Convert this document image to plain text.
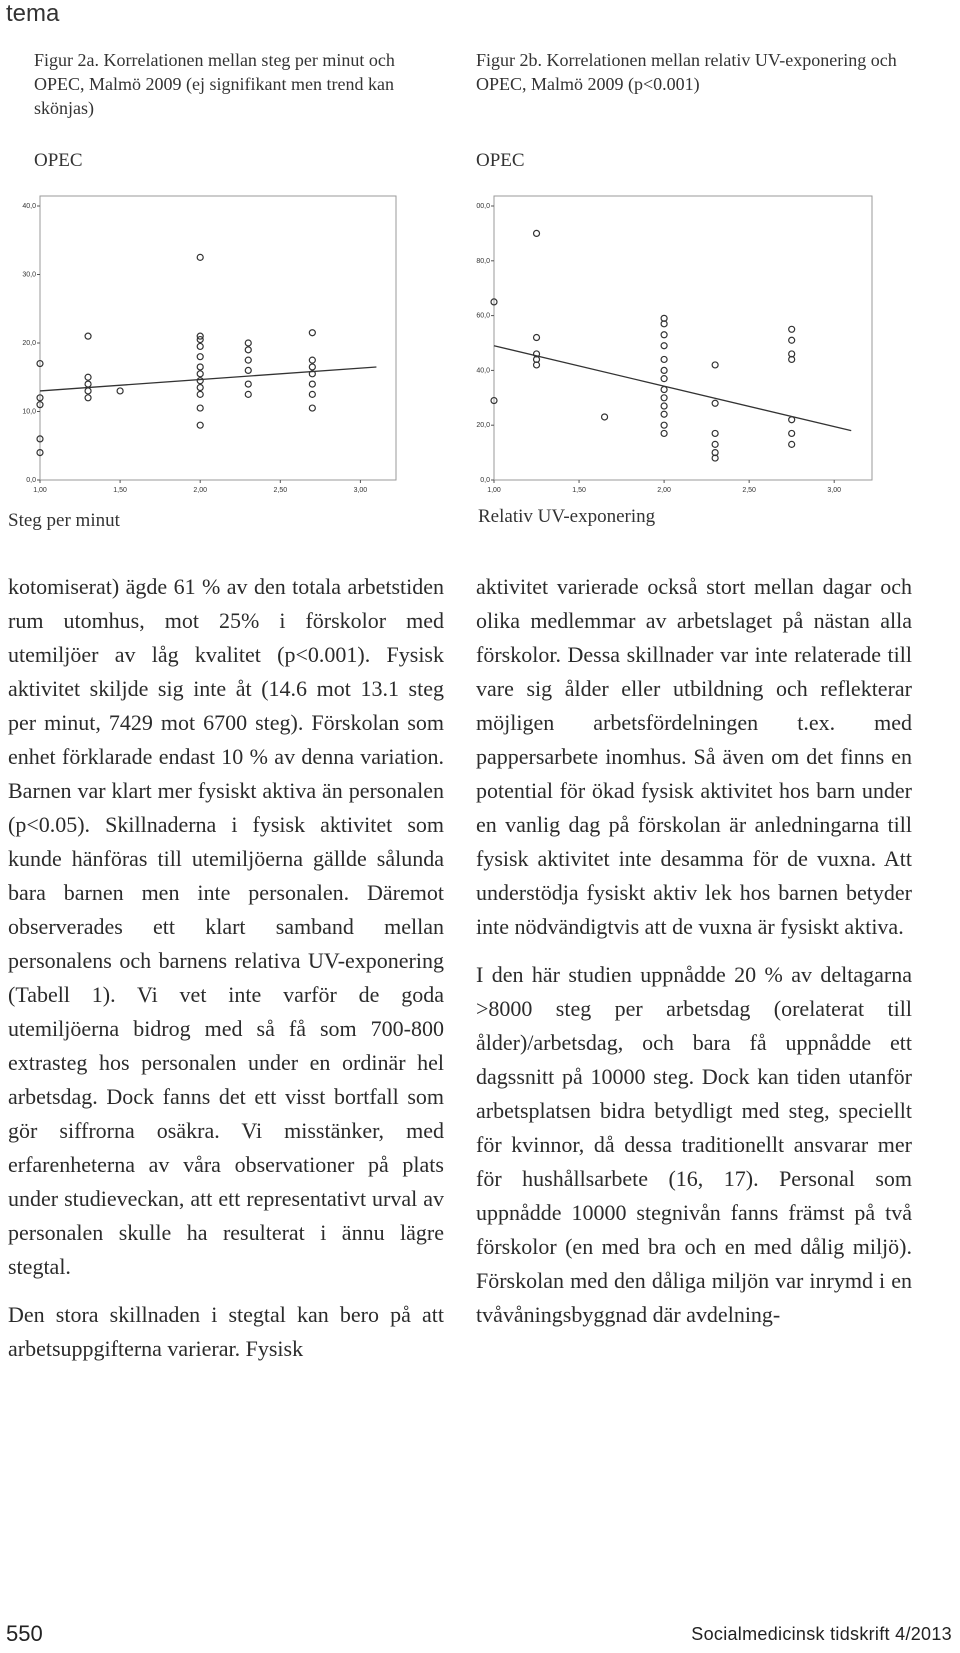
tema
Figur 2a. Korrelationen mellan steg per minut och OPEC, Malmö 2009 (ej signifikant men trend kan skönjas)
OPEC
0,0
10,0
20,0
30,0
40,0
1,00	1,50	2,00	2,50	3,00
Steg per minut
Figur 2b. Korrelationen mellan relativ UV-exponering och OPEC, Malmö 2009 (p<0.001)
OPEC
0,0
20,0
40,0
60,0
80,0
00,0
1,00	1,50	2,00	2,50	3,00
Relativ UV-exponering

kotomiserat) ägde 61 % av den totala arbetstiden rum utomhus, mot 25% i förskolor med utemiljöer av låg kvalitet (p<0.001). Fysisk aktivitet skiljde sig inte åt (14.6 mot 13.1 steg per minut, 7429 mot 6700 steg). Förskolan som enhet förklarade endast 10 % av denna variation. Barnen var klart mer fysiskt aktiva än personalen (p<0.05). Skillnaderna i fysisk aktivitet som kunde hänföras till utemiljöerna gällde sålunda bara barnen men inte personalen. Däremot observerades ett klart samband mellan personalens och barnens relativa UV-exponering (Tabell 1). Vi vet inte varför de goda utemiljöerna bidrog med så få som 700-800 extrasteg hos personalen under en ordinär hel arbetsdag. Dock fanns det ett visst bortfall som gör siffrorna osäkra. Vi misstänker, med erfarenheterna av våra observationer på plats under studieveckan, att ett representativt urval av personalen skulle ha resulterat i ännu lägre stegtal.

Den stora skillnaden i stegtal kan bero på att arbetsuppgifterna varierar. Fysisk

aktivitet varierade också stort mellan dagar och olika medlemmar av arbetslaget på nästan alla förskolor. Dessa skillnader var inte relaterade till vare sig ålder eller utbildning och reflekterar möjligen arbetsfördelningen t.ex. med pappersarbete inomhus. Så även om det finns en potential för ökad fysisk aktivitet hos barn under en vanlig dag på förskolan är anledningarna till fysisk aktivitet inte desamma för de vuxna. Att understödja fysiskt aktiv lek hos barnen betyder inte nödvändigtvis att de vuxna är fysiskt aktiva.

I den här studien uppnådde 20 % av deltagarna >8000 steg per arbetsdag (orelaterat till ålder)/arbetsdag, och bara få uppnådde ett dagssnitt på 10000 steg. Dock kan tiden utanför arbetsplatsen bidra betydligt med steg, speciellt för kvinnor, då dessa traditionellt ansvarar mer för hushållsarbete (16, 17). Personal som uppnådde 10000 stegnivån fanns främst på två förskolor (en med bra och en med dålig miljö). Förskolan med den dåliga miljön var inrymd i en tvåvåningsbyggnad där avdelning-

550	Socialmedicinsk tidskrift 4/2013
